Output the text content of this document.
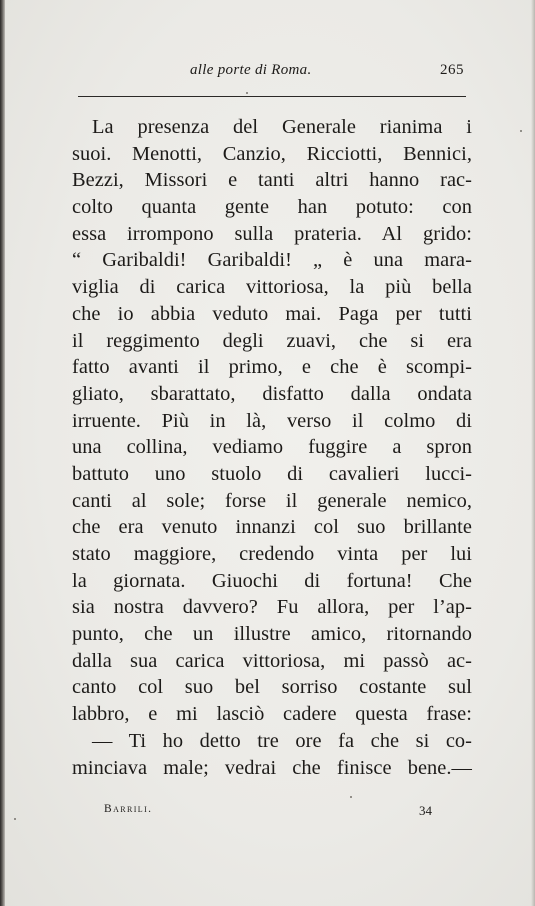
alle porte di Roma.	265
La presenza del Generale rianima i
suoi. Menotti, Canzio, Ricciotti, Bennici,
Bezzi, Missori e tanti altri hanno rac-
colto quanta gente han potuto: con
essa irrompono sulla prateria. Al grido:
“ Garibaldi! Garibaldi! „ è una mara-
viglia di carica vittoriosa, la più bella
che io abbia veduto mai. Paga per tutti
il reggimento degli zuavi, che si era
fatto avanti il primo, e che è scompi-
gliato, sbarattato, disfatto dalla ondata
irruente. Più in là, verso il colmo di
una collina, vediamo fuggire a spron
battuto uno stuolo di cavalieri lucci-
canti al sole; forse il generale nemico,
che era venuto innanzi col suo brillante
stato maggiore, credendo vinta per lui
la giornata. Giuochi di fortuna! Che
sia nostra davvero? Fu allora, per l’ap-
punto, che un illustre amico, ritornando
dalla sua carica vittoriosa, mi passò ac-
canto col suo bel sorriso costante sul
labbro, e mi lasciò cadere questa frase:
— Ti ho detto tre ore fa che si co-
minciava male; vedrai che finisce bene.—
Barrili.	34
